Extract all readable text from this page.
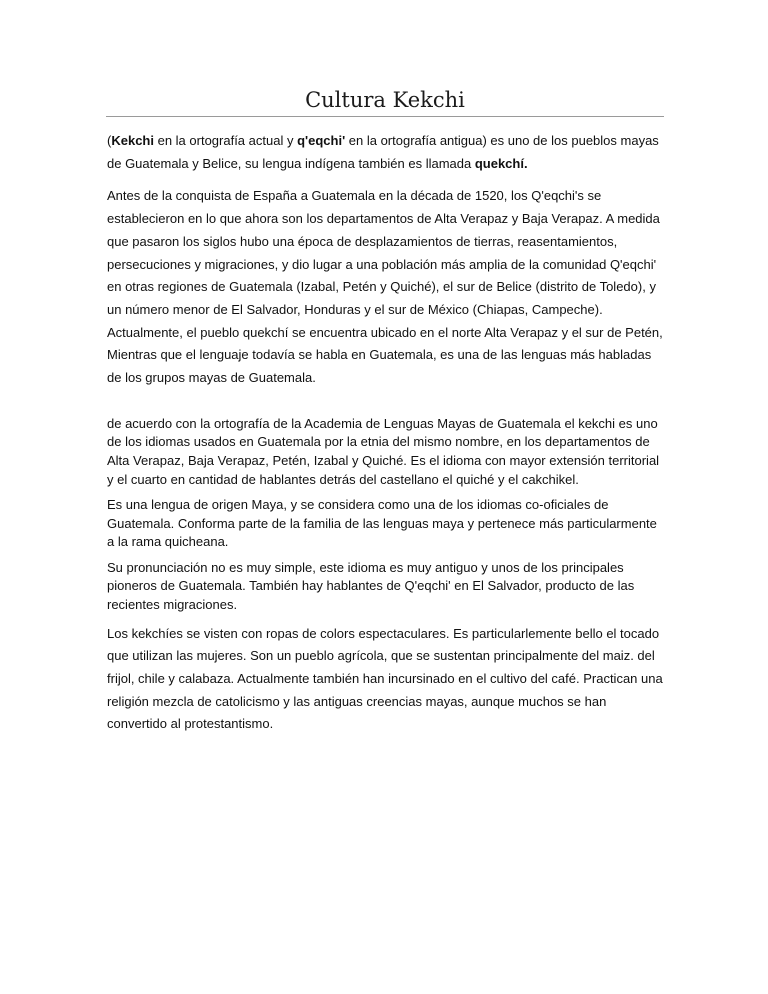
Cultura Kekchi

(Kekchi en la ortografía actual y q'eqchi' en la ortografía antigua) es uno de los pueblos mayas de Guatemala y Belice, su lengua indígena también es llamada quekchí.

Antes de la conquista de España a Guatemala en la década de 1520, los Q'eqchi's se establecieron en lo que ahora son los departamentos de Alta Verapaz y Baja Verapaz. A medida que pasaron los siglos hubo una época de desplazamientos de tierras, reasentamientos, persecuciones y migraciones, y dio lugar a una población más amplia de la comunidad Q'eqchi' en otras regiones de Guatemala (Izabal, Petén y Quiché), el sur de Belice (distrito de Toledo), y un número menor de El Salvador, Honduras y el sur de México (Chiapas, Campeche). Actualmente, el pueblo quekchí se encuentra ubicado en el norte Alta Verapaz y el sur de Petén, Mientras que el lenguaje todavía se habla en Guatemala, es una de las lenguas más habladas de los grupos mayas de Guatemala.

de acuerdo con la ortografía de la Academia de Lenguas Mayas de Guatemala el kekchi es uno de los idiomas usados en Guatemala por la etnia del mismo nombre, en los departamentos de Alta Verapaz, Baja Verapaz, Petén, Izabal y Quiché. Es el idioma con mayor extensión territorial y el cuarto en cantidad de hablantes detrás del castellano el quiché y el cakchikel.

Es una lengua de origen Maya, y se considera como una de los idiomas co-oficiales de Guatemala. Conforma parte de la familia de las lenguas maya y pertenece más particularmente a la rama quicheana.

Su pronunciación no es muy simple, este idioma es muy antiguo y unos de los principales pioneros de Guatemala. También hay hablantes de Q'eqchi' en El Salvador, producto de las recientes migraciones.

Los kekchíes se visten con ropas de colors espectaculares. Es particularlemente bello el tocado que utilizan las mujeres. Son un pueblo agrícola, que se sustentan principalmente del maiz. del frijol, chile y calabaza. Actualmente también han incursinado en el cultivo del café. Practican una religión mezcla de catolicismo y las antiguas creencias mayas, aunque muchos se han convertido al protestantismo.
